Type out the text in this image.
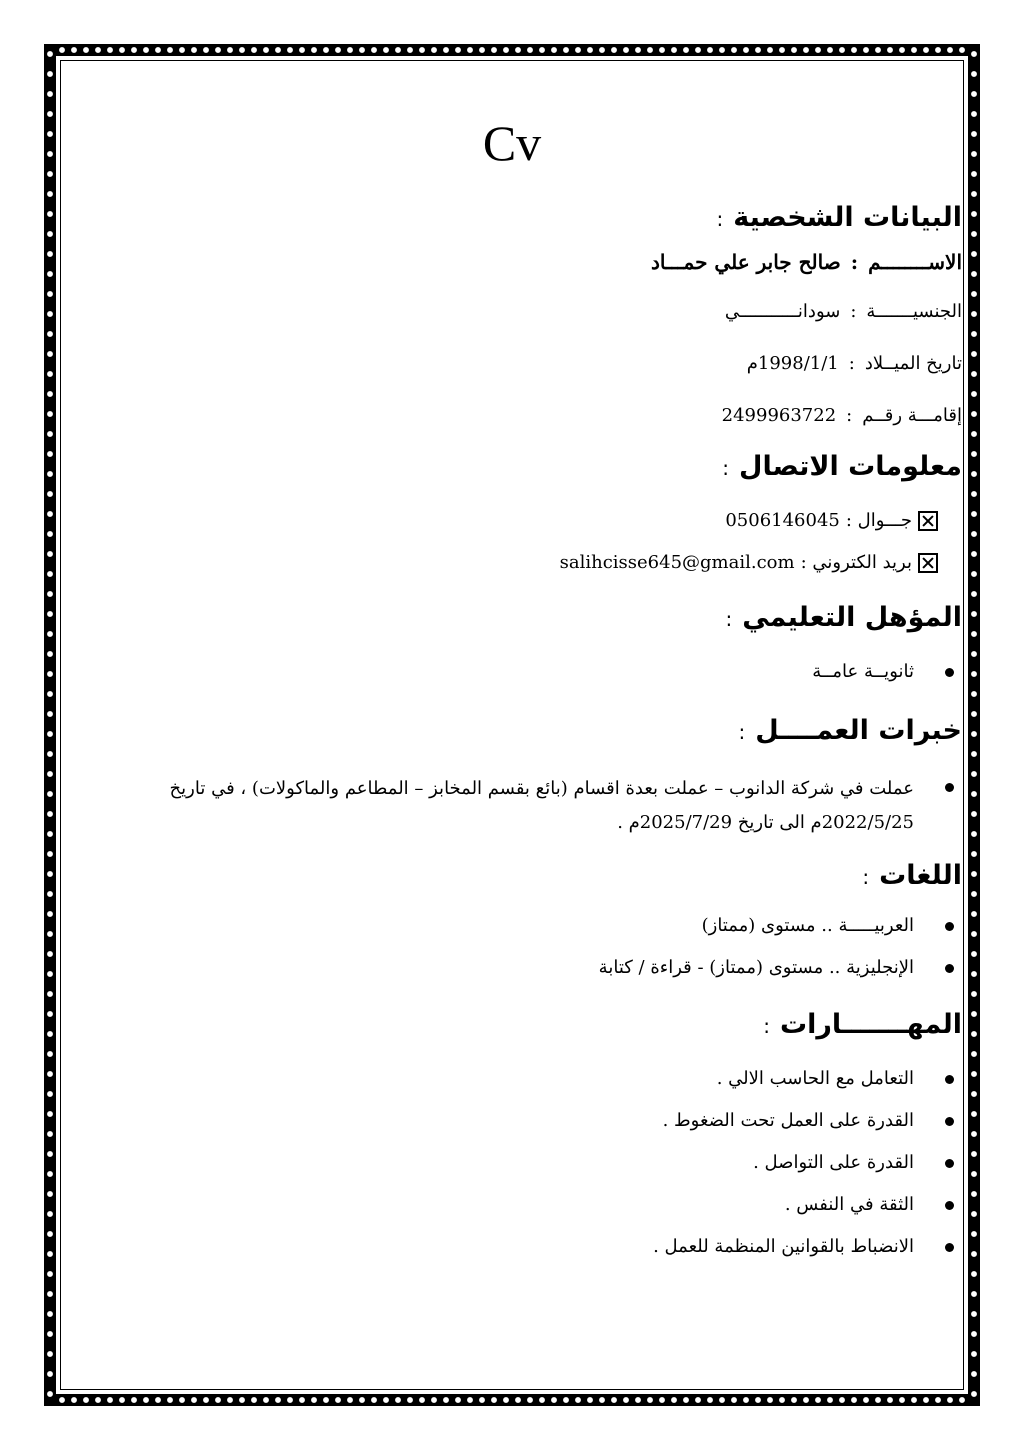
Cv
البيانات الشخصية:

الاســــــــم:صالح جابر علي حمـــاد

الجنسيـــــــة:سودانـــــــــــي

تاريخ الميــلاد:1998/1/1م

إقامـــة رقــم:2499963722

معلومات الاتصال:
جـــوال :
0506146045
بريد الكتروني :
salihcisse645@gmail.com
المؤهل التعليمي:
ثانويــة عامــة
خبرات العمــــل:
عملت في شركة الدانوب – عملت بعدة اقسام (بائع بقسم المخابز – المطاعم والماكولات) ، في تاريخ 2022/5/25م الى تاريخ 2025/7/29م .
اللغات:
العربيـــــة .. مستوى (ممتاز)
الإنجليزية .. مستوى (ممتاز) - قراءة / كتابة
المهـــــــارات:
التعامل مع الحاسب الالي .
القدرة على العمل تحت الضغوط .
القدرة على التواصل .
الثقة في النفس .
الانضباط بالقوانين المنظمة للعمل .
